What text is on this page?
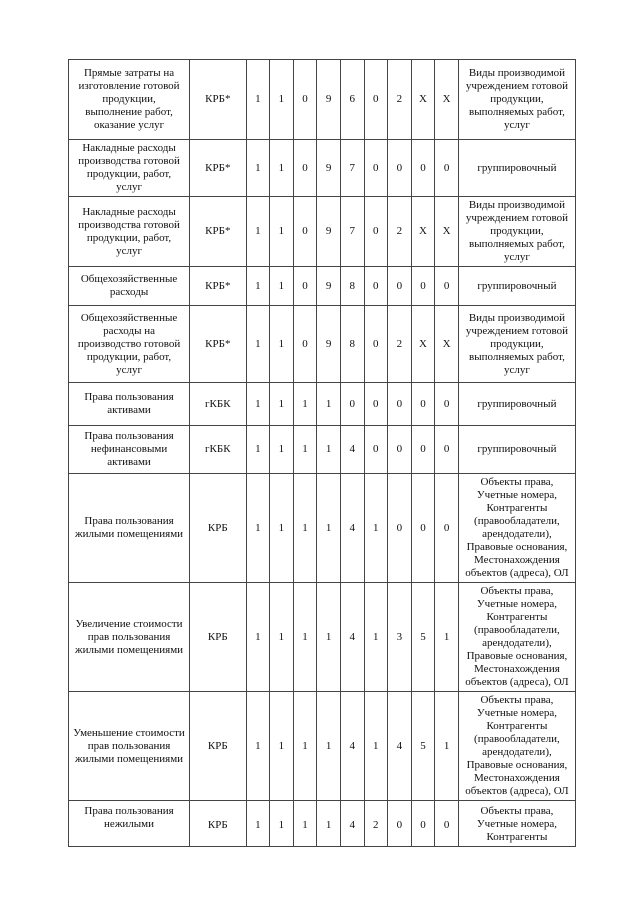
Прямые затраты на изготовление готовой продукции, выполнение работ, оказание услуг	КРБ*	1	1	0	9	6	0	2	X	X	Виды производимой учреждением готовой продукции, выполняемых работ, услуг
Накладные расходы производства готовой продукции, работ, услуг	КРБ*	1	1	0	9	7	0	0	0	0	группировочный
Накладные расходы производства готовой продукции, работ, услуг	КРБ*	1	1	0	9	7	0	2	X	X	Виды производимой учреждением готовой продукции, выполняемых работ, услуг
Общехозяйственные расходы	КРБ*	1	1	0	9	8	0	0	0	0	группировочный
Общехозяйственные расходы на производство готовой продукции, работ, услуг	КРБ*	1	1	0	9	8	0	2	X	X	Виды производимой учреждением готовой продукции, выполняемых работ, услуг
Права пользования активами	гКБК	1	1	1	1	0	0	0	0	0	группировочный
Права пользования нефинансовыми активами	гКБК	1	1	1	1	4	0	0	0	0	группировочный
Права пользования жилыми помещениями	КРБ	1	1	1	1	4	1	0	0	0	Объекты права, Учетные номера, Контрагенты (правообладатели, арендодатели), Правовые основания, Местонахождения объектов (адреса), ОЛ
Увеличение стоимости прав пользования жилыми помещениями	КРБ	1	1	1	1	4	1	3	5	1	Объекты права, Учетные номера, Контрагенты (правообладатели, арендодатели), Правовые основания, Местонахождения объектов (адреса), ОЛ
Уменьшение стоимости прав пользования жилыми помещениями	КРБ	1	1	1	1	4	1	4	5	1	Объекты права, Учетные номера, Контрагенты (правообладатели, арендодатели), Правовые основания, Местонахождения объектов (адреса), ОЛ
Права пользования нежилыми	КРБ	1	1	1	1	4	2	0	0	0	Объекты права, Учетные номера, Контрагенты
